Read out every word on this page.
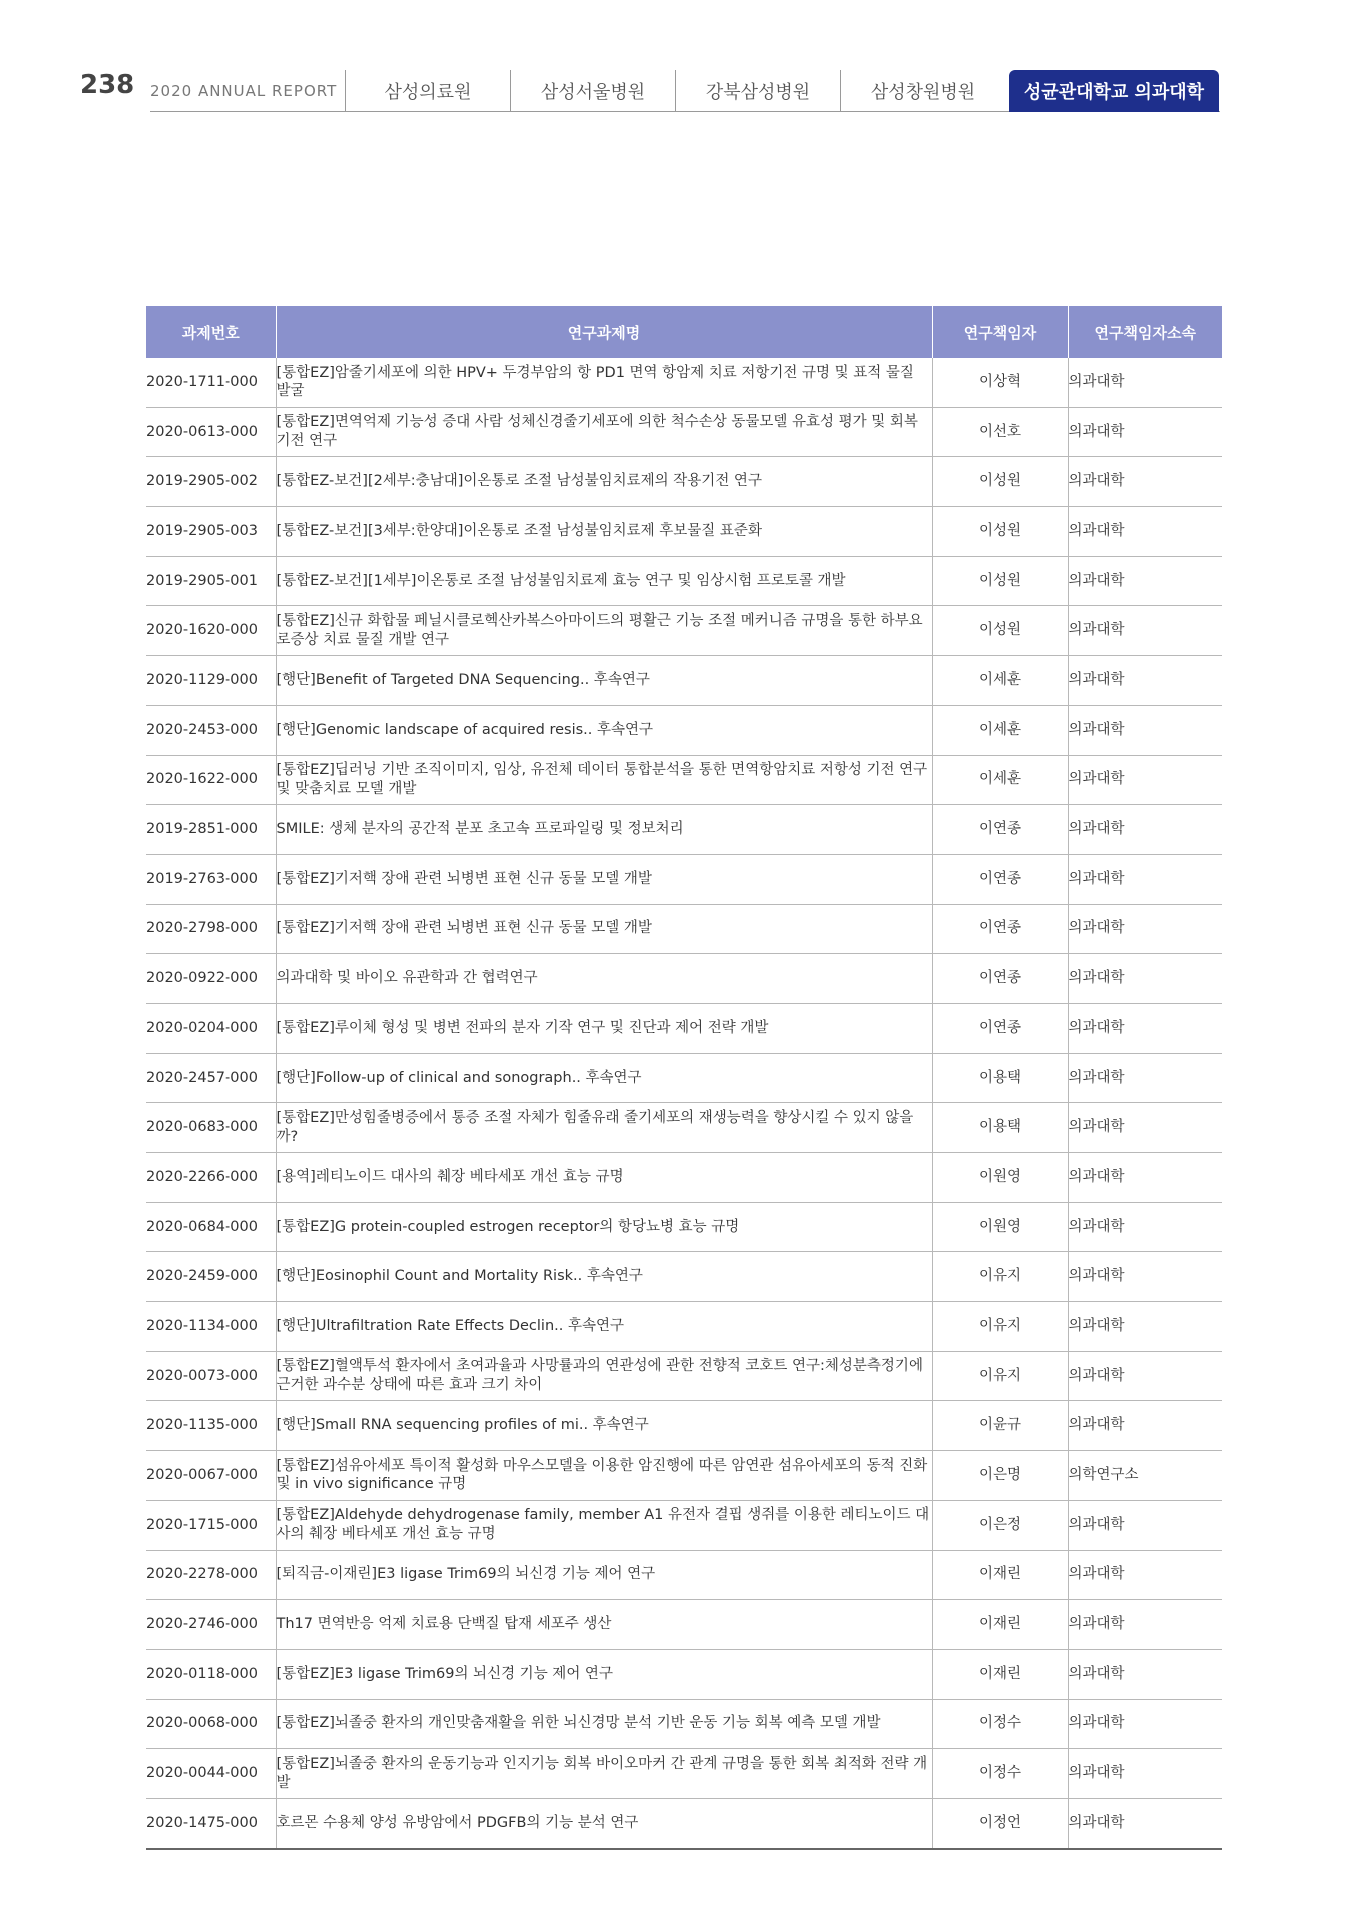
238 2020 ANNUAL REPORT	삼성의료원	삼성서울병원	강북삼성병원	삼성창원병원	성균관대학교 의과대학
과제번호	연구과제명	연구책임자	연구책임자소속
2020-1711-000	[통합EZ]암줄기세포에 의한 HPV+ 두경부암의 항 PD1 면역 항암제 치료 저항기전 규명 및 표적 물질 발굴	이상혁	의과대학
2020-0613-000	[통합EZ]면역억제 기능성 증대 사람 성체신경줄기세포에 의한 척수손상 동물모델 유효성 평가 및 회복기전 연구	이선호	의과대학
2019-2905-002	[통합EZ-보건][2세부:충남대]이온통로 조절 남성불임치료제의 작용기전 연구	이성원	의과대학
2019-2905-003	[통합EZ-보건][3세부:한양대]이온통로 조절 남성불임치료제 후보물질 표준화	이성원	의과대학
2019-2905-001	[통합EZ-보건][1세부]이온통로 조절 남성불임치료제 효능 연구 및 임상시험 프로토콜 개발	이성원	의과대학
2020-1620-000	[통합EZ]신규 화합물 페닐시클로헥산카복스아마이드의 평활근 기능 조절 메커니즘 규명을 통한 하부요로증상 치료 물질 개발 연구	이성원	의과대학
2020-1129-000	[행단]Benefit of Targeted DNA Sequencing.. 후속연구	이세훈	의과대학
2020-2453-000	[행단]Genomic landscape of acquired resis.. 후속연구	이세훈	의과대학
2020-1622-000	[통합EZ]딥러닝 기반 조직이미지, 임상, 유전체 데이터 통합분석을 통한 면역항암치료 저항성 기전 연구 및 맞춤치료 모델 개발	이세훈	의과대학
2019-2851-000	SMILE: 생체 분자의 공간적 분포 초고속 프로파일링 및 정보처리	이연종	의과대학
2019-2763-000	[통합EZ]기저핵 장애 관련 뇌병변 표현 신규 동물 모델 개발	이연종	의과대학
2020-2798-000	[통합EZ]기저핵 장애 관련 뇌병변 표현 신규 동물 모델 개발	이연종	의과대학
2020-0922-000	의과대학 및 바이오 유관학과 간 협력연구	이연종	의과대학
2020-0204-000	[통합EZ]루이체 형성 및 병변 전파의 분자 기작 연구 및 진단과 제어 전략 개발	이연종	의과대학
2020-2457-000	[행단]Follow-up of clinical and sonograph.. 후속연구	이용택	의과대학
2020-0683-000	[통합EZ]만성힘줄병증에서 통증 조절 자체가 힘줄유래 줄기세포의 재생능력을 향상시킬 수 있지 않을까?	이용택	의과대학
2020-2266-000	[용역]레티노이드 대사의 췌장 베타세포 개선 효능 규명	이원영	의과대학
2020-0684-000	[통합EZ]G protein-coupled estrogen receptor의 항당뇨병 효능 규명	이원영	의과대학
2020-2459-000	[행단]Eosinophil Count and Mortality Risk.. 후속연구	이유지	의과대학
2020-1134-000	[행단]Ultrafiltration Rate Effects Declin.. 후속연구	이유지	의과대학
2020-0073-000	[통합EZ]혈액투석 환자에서 초여과율과 사망률과의 연관성에 관한 전향적 코호트 연구:체성분측정기에 근거한 과수분 상태에 따른 효과 크기 차이	이유지	의과대학
2020-1135-000	[행단]Small RNA sequencing profiles of mi.. 후속연구	이윤규	의과대학
2020-0067-000	[통합EZ]섬유아세포 특이적 활성화 마우스모델을 이용한 암진행에 따른 암연관 섬유아세포의 동적 진화 및 in vivo significance 규명	이은명	의학연구소
2020-1715-000	[통합EZ]Aldehyde dehydrogenase family, member A1 유전자 결핍 생쥐를 이용한 레티노이드 대사의 췌장 베타세포 개선 효능 규명	이은정	의과대학
2020-2278-000	[퇴직금-이재린]E3 ligase Trim69의 뇌신경 기능 제어 연구	이재린	의과대학
2020-2746-000	Th17 면역반응 억제 치료용 단백질 탑재 세포주 생산	이재린	의과대학
2020-0118-000	[통합EZ]E3 ligase Trim69의 뇌신경 기능 제어 연구	이재린	의과대학
2020-0068-000	[통합EZ]뇌졸중 환자의 개인맞춤재활을 위한 뇌신경망 분석 기반 운동 기능 회복 예측 모델 개발	이정수	의과대학
2020-0044-000	[통합EZ]뇌졸중 환자의 운동기능과 인지기능 회복 바이오마커 간 관계 규명을 통한 회복 최적화 전략 개발	이정수	의과대학
2020-1475-000	호르몬 수용체 양성 유방암에서 PDGFB의 기능 분석 연구	이정언	의과대학
